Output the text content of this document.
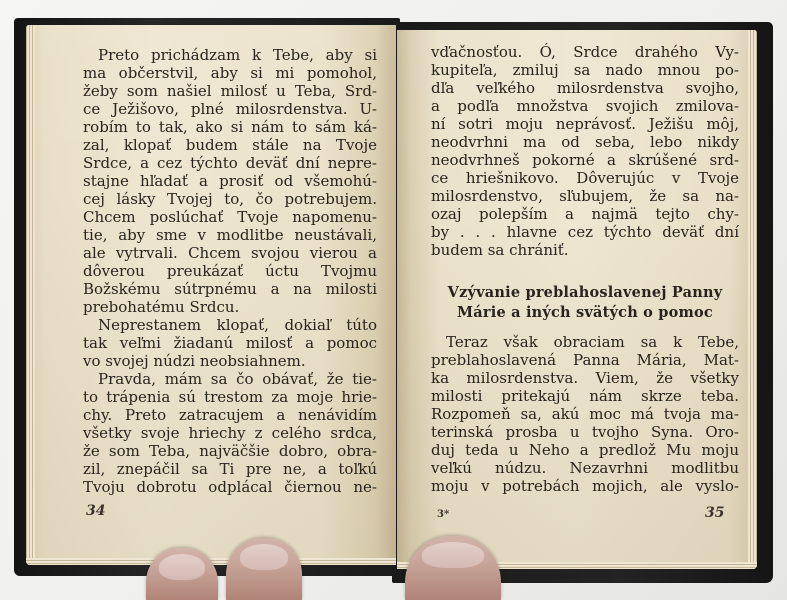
Preto prichádzam k Tebe, aby si
ma občerstvil, aby si mi pomohol,
žeby som našiel milosť u Teba, Srd-
ce Ježišovo, plné milosrdenstva. U-
robím to tak, ako si nám to sám ká-
zal, klopať budem stále na Tvoje
Srdce, a cez týchto deväť dní nepre-
stajne hľadať a prosiť od všemohú-
cej lásky Tvojej to, čo potrebujem.
Chcem poslúchať Tvoje napomenu-
tie, aby sme v modlitbe neustávali,
ale vytrvali. Chcem svojou vierou a
dôverou preukázať úctu Tvojmu
Božskému sútrpnému a na milosti
prebohatému Srdcu.
Neprestanem klopať, dokiaľ túto
tak veľmi žiadanú milosť a pomoc
vo svojej núdzi neobsiahnem.
Pravda, mám sa čo obávať, že tie-
to trápenia sú trestom za moje hrie-
chy. Preto zatracujem a nenávidím
všetky svoje hriechy z celého srdca,
že som Teba, najväčšie dobro, obra-
zil, znepáčil sa Ti pre ne, a toľkú
Tvoju dobrotu odplácal čiernou ne-
34
vďačnosťou. Ó, Srdce drahého Vy-
kupiteľa, zmiluj sa nado mnou po-
dľa veľkého milosrdenstva svojho,
a podľa množstva svojich zmilova-
ní sotri moju neprávosť. Ježišu môj,
neodvrhni ma od seba, lebo nikdy
neodvrhneš pokorné a skrúšené srd-
ce hriešnikovo. Dôverujúc v Tvoje
milosrdenstvo, sľubujem, že sa na-
ozaj polepším a najmä tejto chy-
by . . . hlavne cez týchto deväť dní
budem sa chrániť.
Vzývanie preblahoslavenej Panny
Márie a iných svätých o pomoc
Teraz však obraciam sa k Tebe,
preblahoslavená Panna Mária, Mat-
ka milosrdenstva. Viem, že všetky
milosti pritekajú nám skrze teba.
Rozpomeň sa, akú moc má tvoja ma-
terinská prosba u tvojho Syna. Oro-
duj teda u Neho a predlož Mu moju
veľkú núdzu. Nezavrhni modlitbu
moju v potrebách mojich, ale vyslo-
3*	35
